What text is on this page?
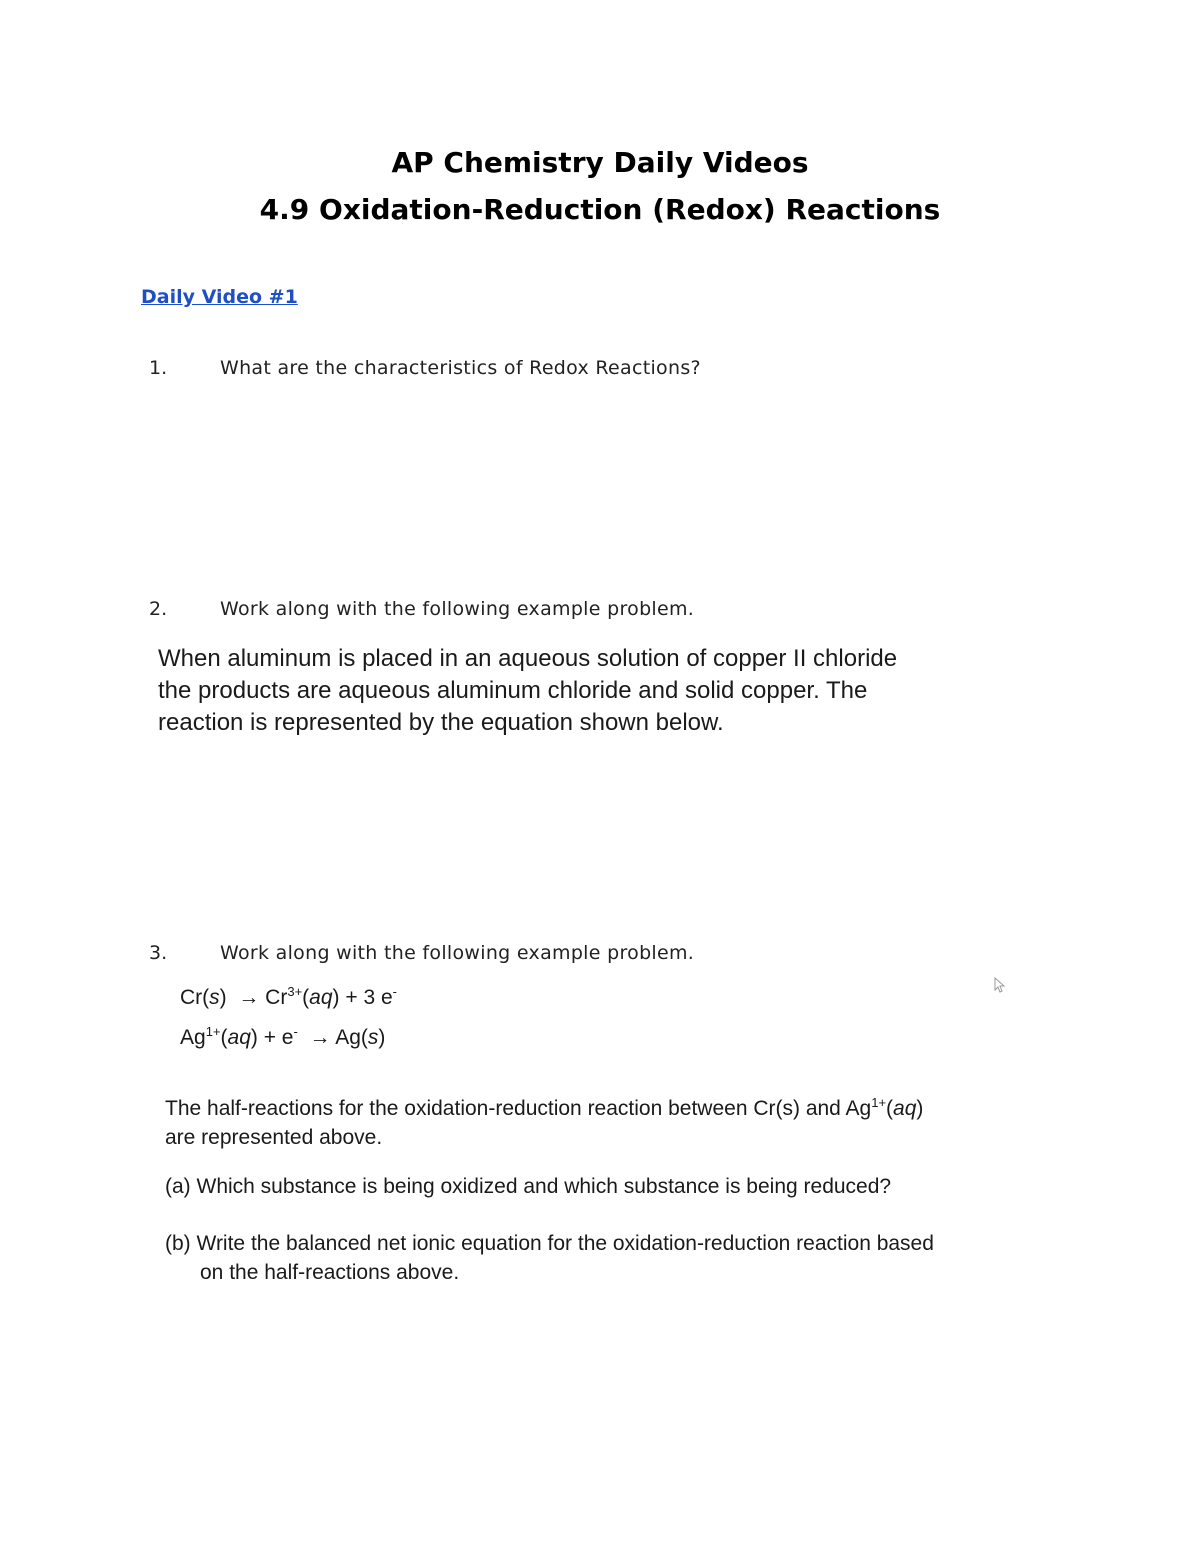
AP Chemistry Daily Videos
4.9 Oxidation-Reduction (Redox) Reactions
Daily Video #1
1.	What are the characteristics of Redox Reactions?
2.	Work along with the following example problem.

When aluminum is placed in an aqueous solution of copper II chloride

the products are aqueous aluminum chloride and solid copper. The

reaction is represented by the equation shown below.

3.	Work along with the following example problem.
$Cr(s) \to Cr^{3+}(aq) + 3$ e-
$Ag^{1+}(aq) + e^- \to Ag(s)$
The half-reactions for the oxidation-reduction reaction between Cr(s) and $Ag^{1+}(aq)$
are represented above.
(a) Which substance is being oxidized and which substance is being reduced?
(b) Write the balanced net ionic equation for the oxidation-reduction reaction based
on the half-reactions above.
